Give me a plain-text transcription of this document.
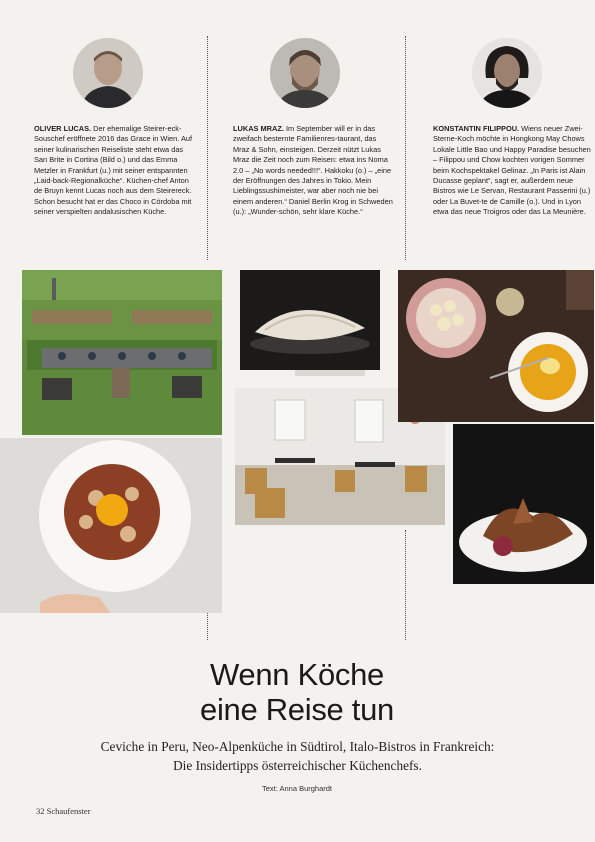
OLIVER LUCAS. Der ehemalige Steirer-eck-Souschef eröffnete 2016 das Grace in Wien. Auf seiner kulinarischen Reiseliste steht etwa das San Brite in Cortina (Bild o.) und das Emma Metzler in Frankfurt (u.) mit seiner entspannten „Laid-back-Regionalküche“. Küchen-chef Anton de Bruyn kennt Lucas noch aus dem Steirereck. Schon besucht hat er das Choco in Córdoba mit seiner verspielten andalusischen Küche.
LUKAS MRAZ. Im September will er in das zweifach besternte Familienres-taurant, das Mraz & Sohn, einsteigen. Derzeit nützt Lukas Mraz die Zeit noch zum Reisen: etwa ins Noma 2.0 – „No words needed!!!“. Hakkoku (o.) – „eine der Eröffnungen des Jahres in Tokio. Mein Lieblingssushimeister, war aber noch nie bei einem anderen.“ Daniel Berlin Krog in Schweden (u.): „Wunder-schön, sehr klare Küche.“
KONSTANTIN FILIPPOU. Wiens neuer Zwei-Sterne-Koch möchte in Hongkong May Chows Lokale Little Bao und Happy Paradise besuchen – Filippou und Chow kochten vorigen Sommer beim Kochspektakel Gelinaz. „In Paris ist Alain Ducasse geplant“, sagt er, außerdem neue Bistros wie Le Servan, Restaurant Passerini (u.) oder La Buvet-te de Camille (o.). Und in Lyon etwa das neue Troigros oder das La Meunière.
Wenn Köche
eine Reise tun
Ceviche in Peru, Neo-Alpenküche in Südtirol, Italo-Bistros in Frankreich:
Die Insidertipps österreichischer Küchenchefs.
Text: Anna Burghardt
32 Schaufenster
